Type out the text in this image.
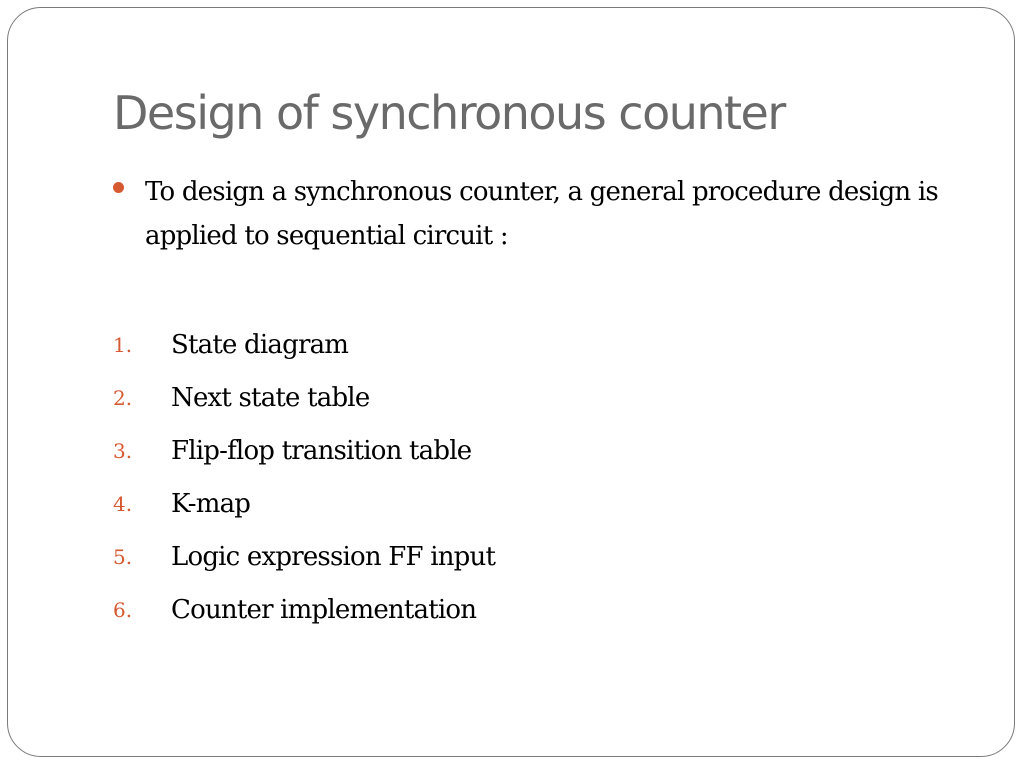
Design of synchronous counter
To design a synchronous counter, a general procedure design is applied to sequential circuit :
1.	State diagram
2.	Next state table
3.	Flip-flop transition table
4.	K-map
5.	Logic expression FF input
6.	Counter implementation
